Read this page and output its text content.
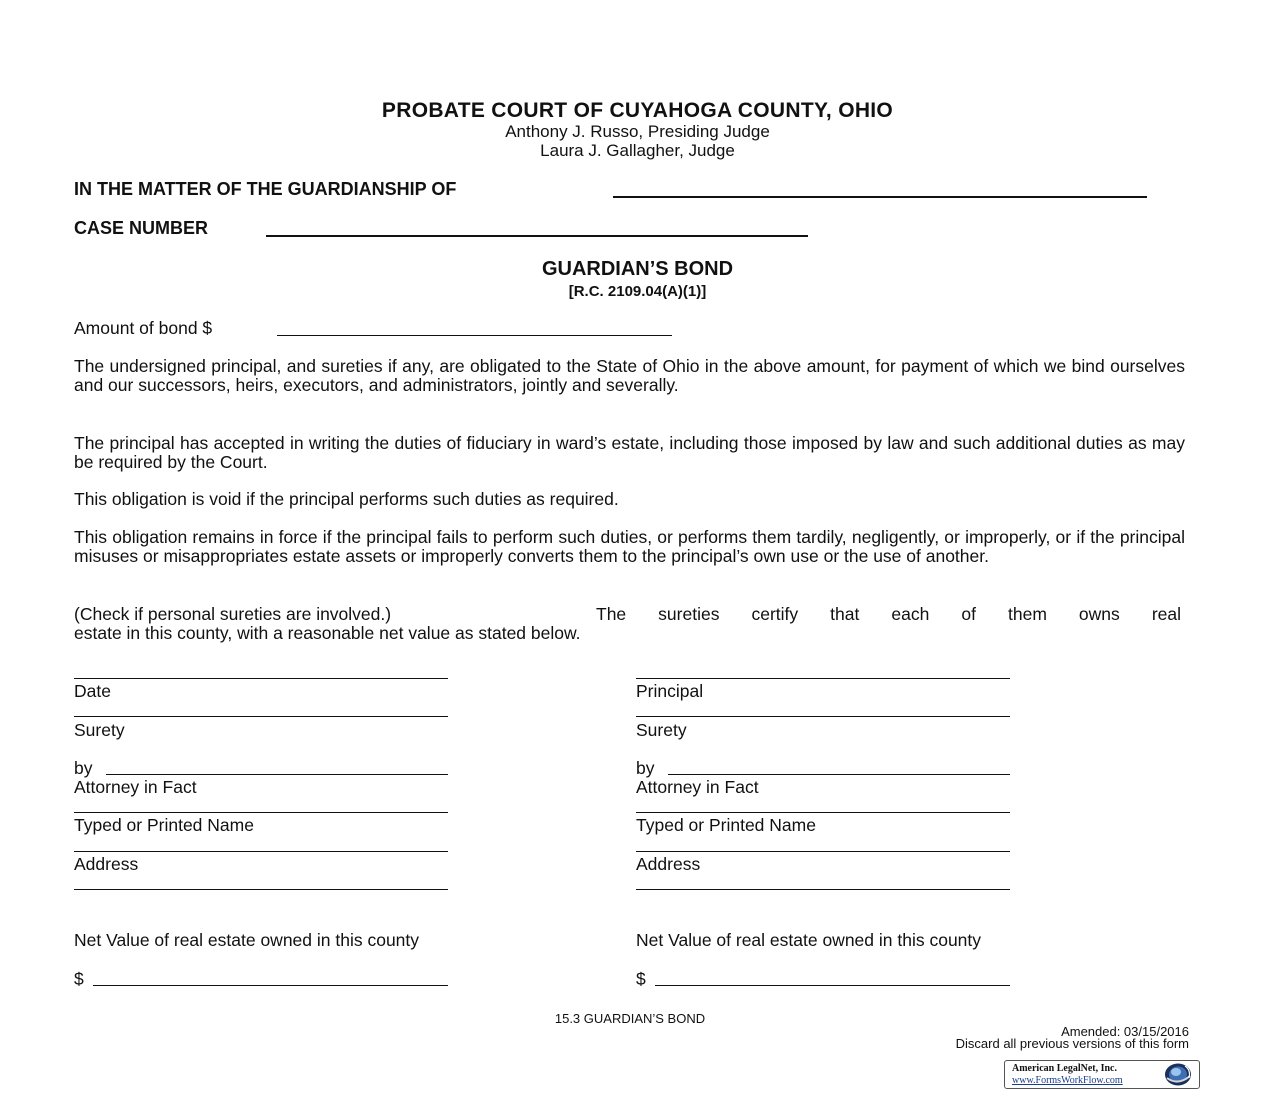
PROBATE COURT OF CUYAHOGA COUNTY, OHIO
Anthony J. Russo, Presiding Judge
Laura J. Gallagher, Judge
IN THE MATTER OF THE GUARDIANSHIP OF
CASE NUMBER
GUARDIAN’S BOND
[R.C. 2109.04(A)(1)]
Amount of bond $
The undersigned principal, and sureties if any, are obligated to the State of Ohio in the above amount, for payment of which we bind ourselves and our successors, heirs, executors, and administrators, jointly and severally.
The principal has accepted in writing the duties of fiduciary in ward’s estate, including those imposed by law and such additional duties as may be required by the Court.
This obligation is void if the principal performs such duties as required.
This obligation remains in force if the principal fails to perform such duties, or performs them tardily, negligently, or improperly, or if the principal misuses or misappropriates estate assets or improperly converts them to the principal’s own use or the use of another.
(Check if personal sureties are involved.)	The sureties certify that each of them owns real
estate in this county, with a reasonable net value as stated below.
Date
Surety
by
Attorney in Fact
Typed or Printed Name
Address
Net Value of real estate owned in this county
$
Principal
Surety
by
Attorney in Fact
Typed or Printed Name
Address
Net Value of real estate owned in this county
$
15.3 GUARDIAN’S BOND
Amended: 03/15/2016
Discard all previous versions of this form
American LegalNet, Inc.
www.FormsWorkFlow.com
